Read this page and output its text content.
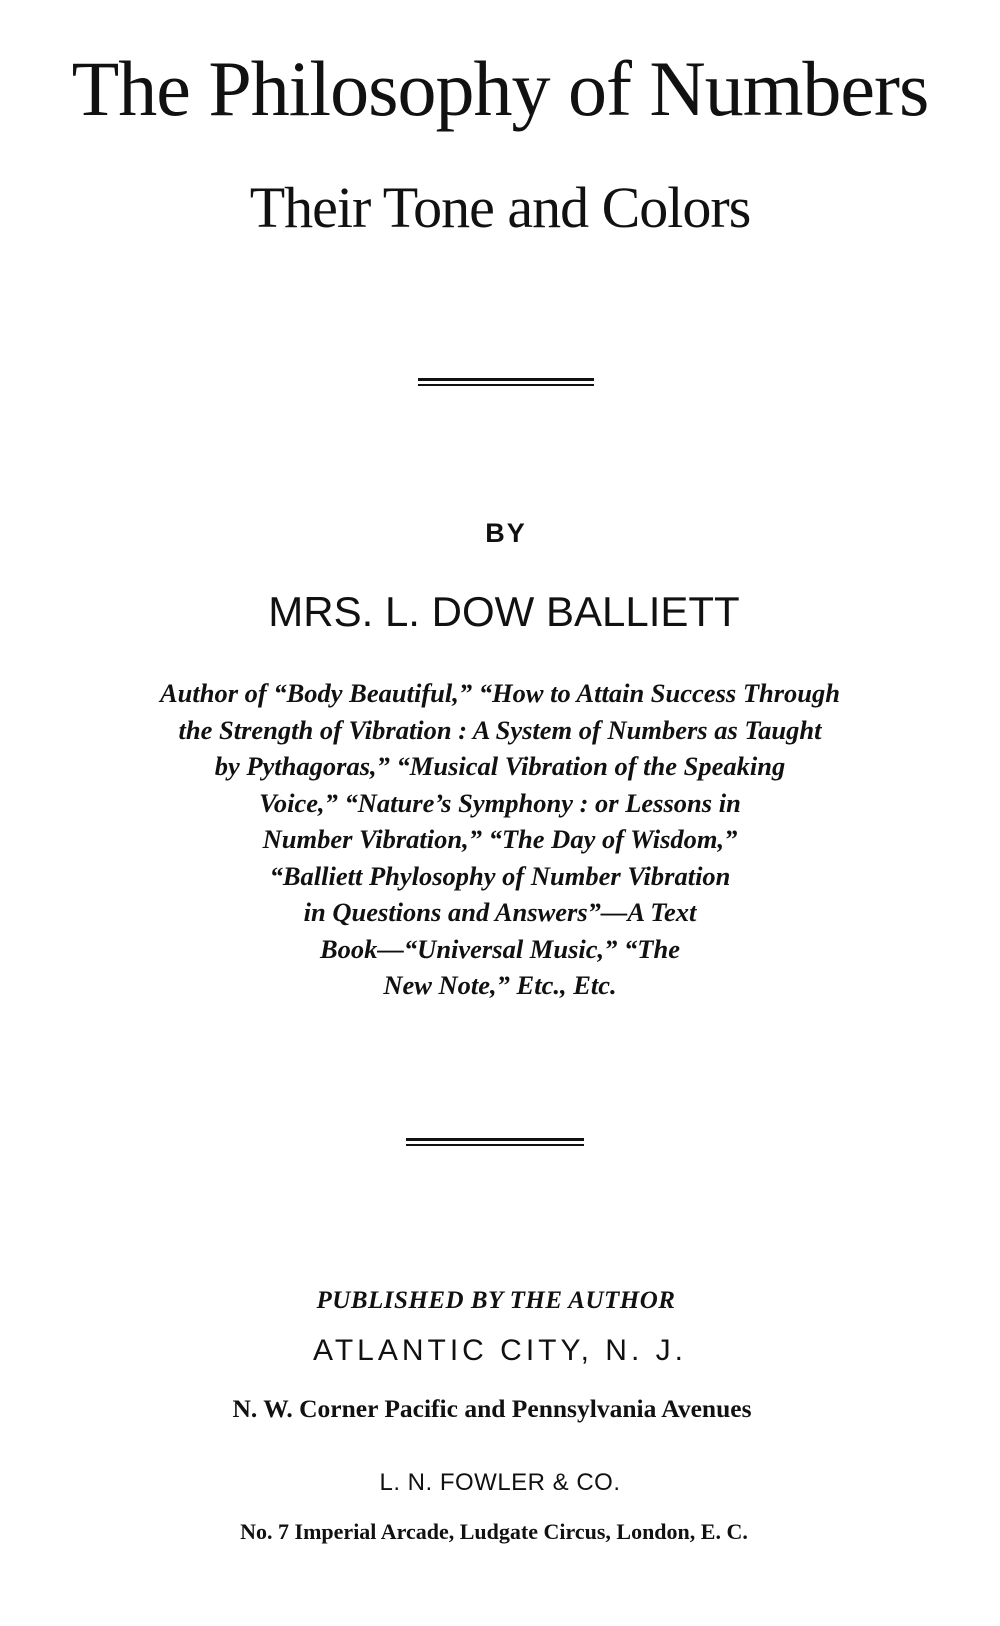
The Philosophy of Numbers
Their Tone and Colors
BY
MRS. L. DOW BALLIETT
Author of “Body Beautiful,” “How to Attain Success Through
the Strength of Vibration : A System of Numbers as Taught
by Pythagoras,” “Musical Vibration of the Speaking
Voice,” “Nature’s Symphony : or Lessons in
Number Vibration,” “The Day of Wisdom,”
“Balliett Phylosophy of Number Vibration
in Questions and Answers”—A Text
Book—“Universal Music,” “The
New Note,” Etc., Etc.
PUBLISHED BY THE AUTHOR
ATLANTIC CITY, N. J.
N. W. Corner Pacific and Pennsylvania Avenues
L. N. FOWLER & CO.
No. 7 Imperial Arcade, Ludgate Circus, London, E. C.
